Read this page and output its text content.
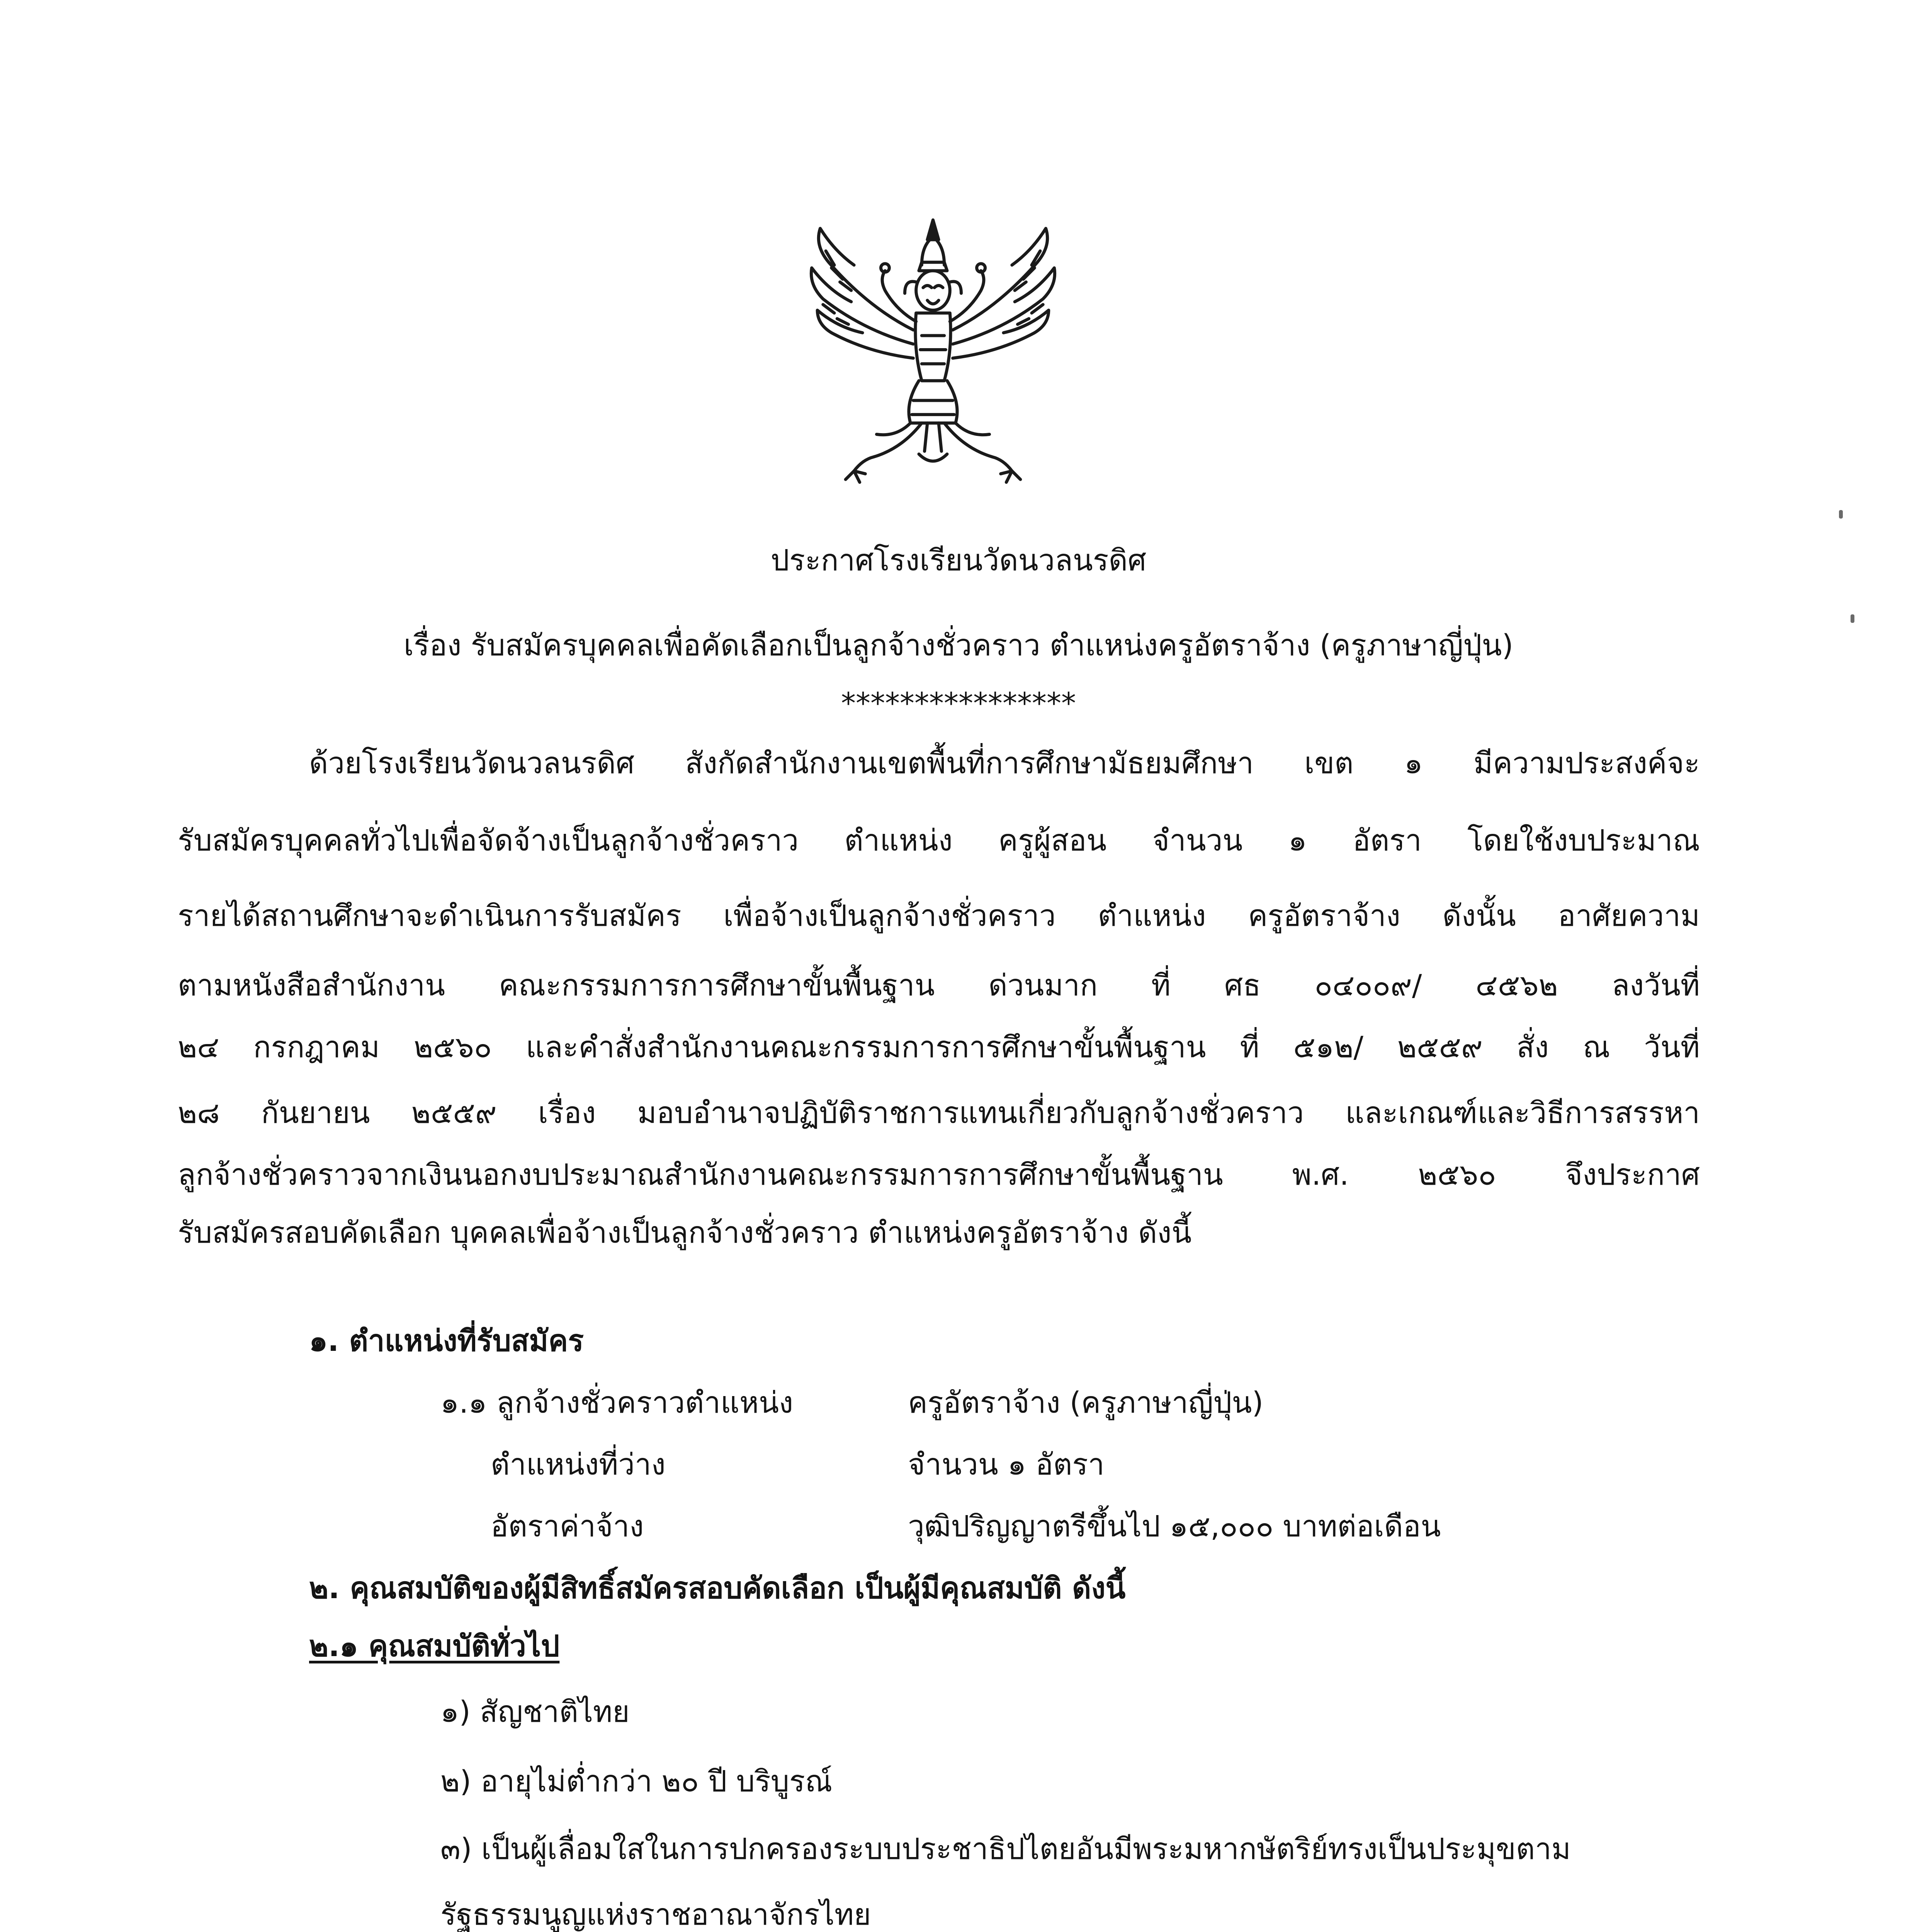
ประกาศโรงเรียนวัดนวลนรดิศ
เรื่อง รับสมัครบุคคลเพื่อคัดเลือกเป็นลูกจ้างชั่วคราว ตำแหน่งครูอัตราจ้าง (ครูภาษาญี่ปุ่น)
****************
ด้วยโรงเรียนวัดนวลนรดิศ สังกัดสำนักงานเขตพื้นที่การศึกษามัธยมศึกษา เขต ๑ มีความประสงค์จะ
รับสมัครบุคคลทั่วไปเพื่อจัดจ้างเป็นลูกจ้างชั่วคราว ตำแหน่ง ครูผู้สอน จำนวน ๑ อัตรา โดยใช้งบประมาณ
รายได้สถานศึกษาจะดำเนินการรับสมัคร เพื่อจ้างเป็นลูกจ้างชั่วคราว ตำแหน่ง ครูอัตราจ้าง ดังนั้น อาศัยความ
ตามหนังสือสำนักงาน คณะกรรมการการศึกษาขั้นพื้นฐาน ด่วนมาก ที่ ศธ ๐๔๐๐๙/ ๔๕๖๒ ลงวันที่
๒๔ กรกฎาคม ๒๕๖๐ และคำสั่งสำนักงานคณะกรรมการการศึกษาขั้นพื้นฐาน ที่ ๕๑๒/ ๒๕๕๙ สั่ง ณ วันที่
๒๘ กันยายน ๒๕๕๙ เรื่อง มอบอำนาจปฏิบัติราชการแทนเกี่ยวกับลูกจ้างชั่วคราว และเกณฑ์และวิธีการสรรหา
ลูกจ้างชั่วคราวจากเงินนอกงบประมาณสำนักงานคณะกรรมการการศึกษาขั้นพื้นฐาน พ.ศ. ๒๕๖๐ จึงประกาศ
รับสมัครสอบคัดเลือก บุคคลเพื่อจ้างเป็นลูกจ้างชั่วคราว ตำแหน่งครูอัตราจ้าง ดังนี้
๑. ตำแหน่งที่รับสมัคร
๑.๑ ลูกจ้างชั่วคราวตำแหน่ง	ครูอัตราจ้าง (ครูภาษาญี่ปุ่น)
ตำแหน่งที่ว่าง	จำนวน ๑ อัตรา
อัตราค่าจ้าง	วุฒิปริญญาตรีขึ้นไป ๑๕,๐๐๐ บาทต่อเดือน
๒. คุณสมบัติของผู้มีสิทธิ์สมัครสอบคัดเลือก เป็นผู้มีคุณสมบัติ ดังนี้
๒.๑ คุณสมบัติทั่วไป
๑) สัญชาติไทย
๒) อายุไม่ต่ำกว่า ๒๐ ปี บริบูรณ์
๓) เป็นผู้เลื่อมใสในการปกครองระบบประชาธิปไตยอันมีพระมหากษัตริย์ทรงเป็นประมุขตาม
รัฐธรรมนูญแห่งราชอาณาจักรไทย
